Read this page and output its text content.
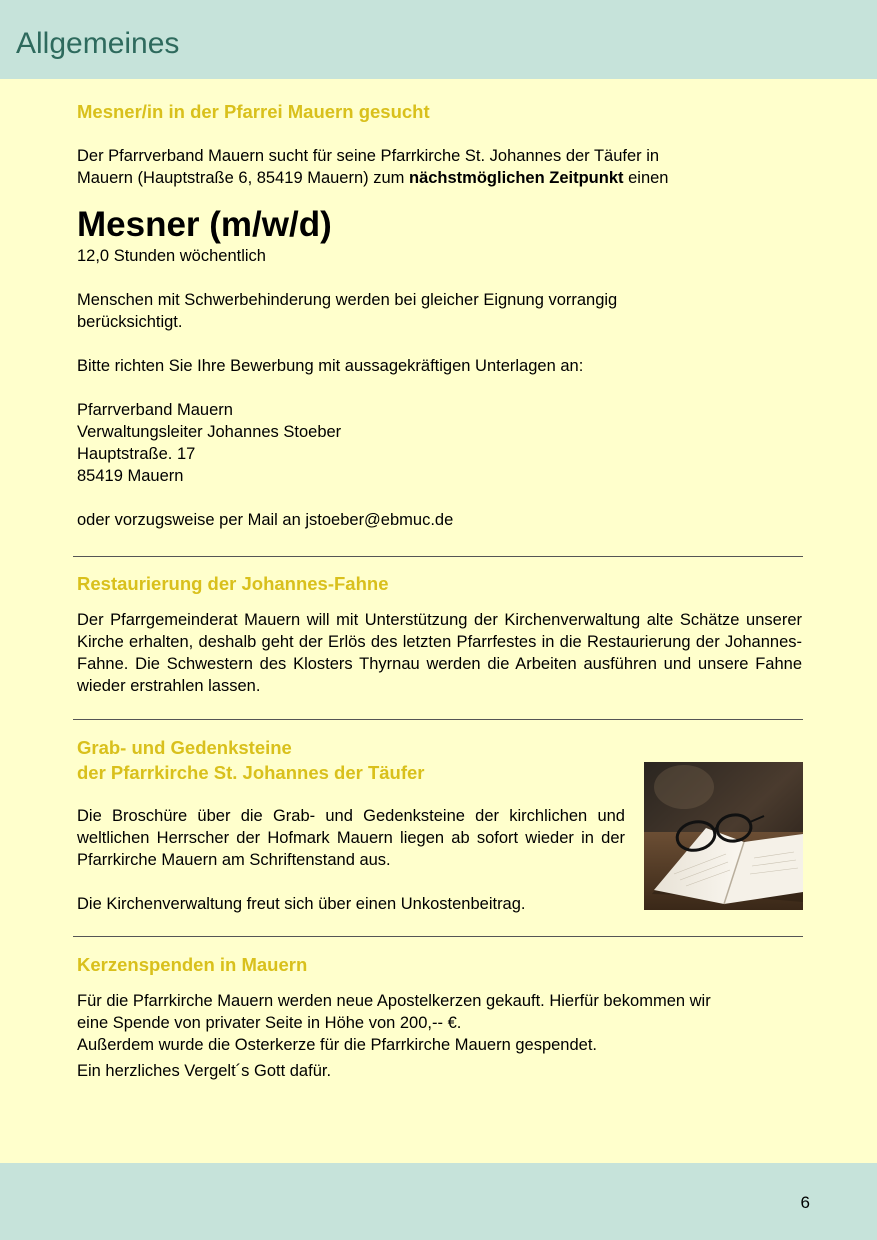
Allgemeines

Mesner/in in der Pfarrei Mauern gesucht

Der Pfarrverband Mauern sucht für seine Pfarrkirche St. Johannes der Täufer in

Mauern (Hauptstraße 6, 85419 Mauern) zum nächstmöglichen Zeitpunkt einen

Mesner (m/w/d)

12,0 Stunden wöchentlich

Menschen mit Schwerbehinderung werden bei gleicher Eignung vorrangig

berücksichtigt.

Bitte richten Sie Ihre Bewerbung mit aussagekräftigen Unterlagen an:

Pfarrverband Mauern

Verwaltungsleiter Johannes Stoeber

Hauptstraße. 17

85419 Mauern

oder vorzugsweise per Mail an jstoeber@ebmuc.de

Restaurierung der Johannes-Fahne

Der Pfarrgemeinderat Mauern will mit Unterstützung der Kirchenverwaltung alte Schätze unserer Kirche erhalten, deshalb geht der Erlös des letzten Pfarrfestes in die Restaurierung der Johannes-Fahne. Die Schwestern des Klosters Thyrnau werden die Arbeiten ausführen und unsere Fahne wieder erstrahlen lassen.

Grab- und Gedenksteine

der Pfarrkirche St. Johannes der Täufer

Die Broschüre über die Grab- und Gedenksteine der kirchlichen und weltlichen Herrscher der Hofmark Mauern liegen ab sofort wieder in der Pfarrkirche Mauern am Schriftenstand aus.

Die Kirchenverwaltung freut sich über einen Unkostenbeitrag.

Kerzenspenden in Mauern

Für die Pfarrkirche Mauern werden neue Apostelkerzen gekauft. Hierfür bekommen wir

eine Spende von privater Seite in Höhe von 200,-- €.

Außerdem wurde die Osterkerze für die Pfarrkirche Mauern gespendet.

Ein herzliches Vergelt´s Gott dafür.

6
